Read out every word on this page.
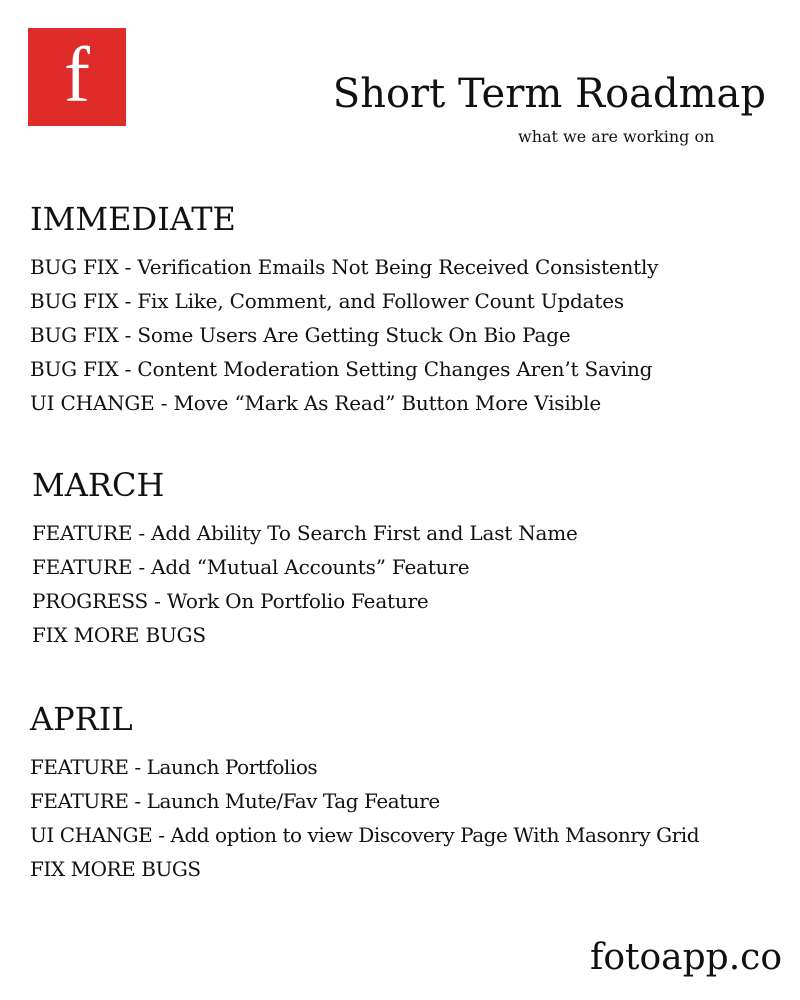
f	Short Term Roadmap

what we are working on

IMMEDIATE
BUG FIX - Verification Emails Not Being Received Consistently
BUG FIX - Fix Like, Comment, and Follower Count Updates
BUG FIX - Some Users Are Getting Stuck On Bio Page
BUG FIX - Content Moderation Setting Changes Aren’t Saving
UI CHANGE - Move “Mark As Read” Button More Visible
MARCH
FEATURE - Add Ability To Search First and Last Name
FEATURE - Add “Mutual Accounts” Feature
PROGRESS - Work On Portfolio Feature
FIX MORE BUGS
APRIL
FEATURE - Launch Portfolios
FEATURE - Launch Mute/Fav Tag Feature
UI CHANGE - Add option to view Discovery Page With Masonry Grid
FIX MORE BUGS

fotoapp.co
